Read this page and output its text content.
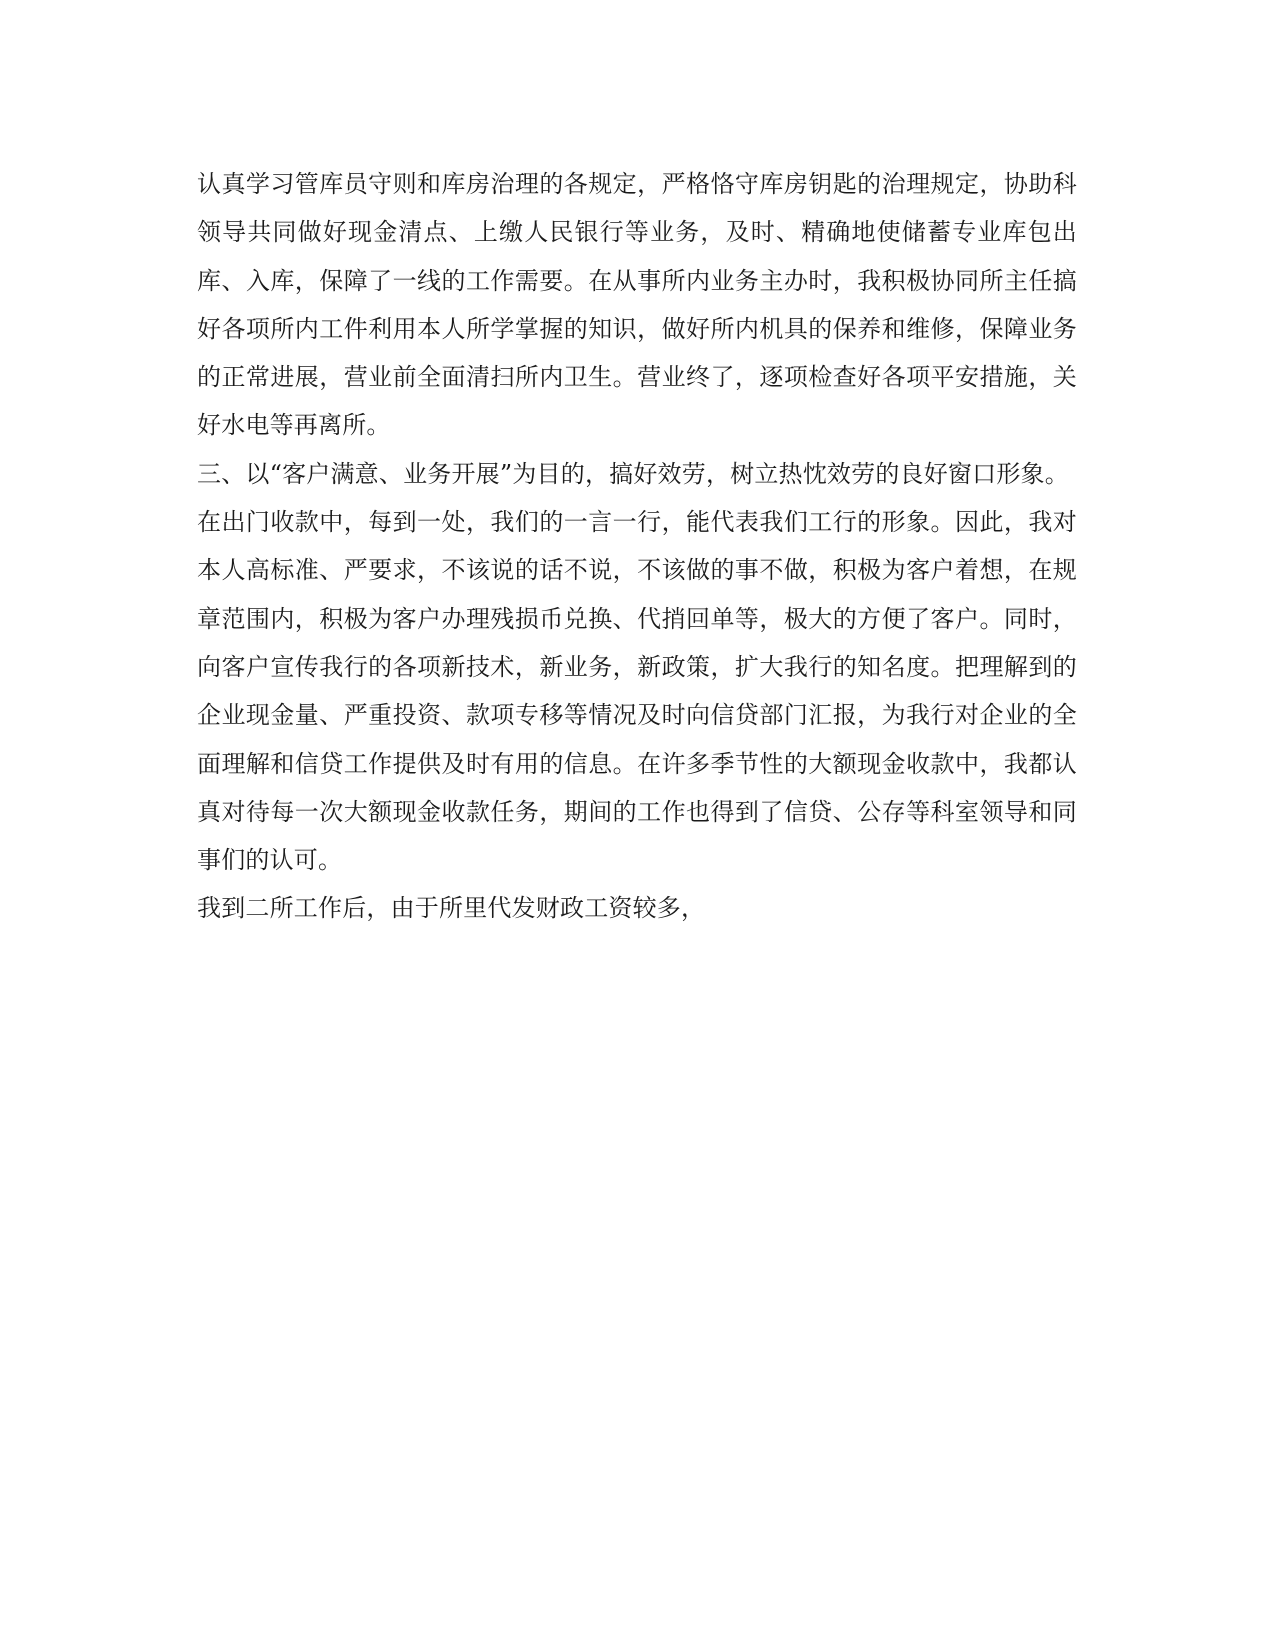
认真学习管库员守则和库房治理的各规定，严格恪守库房钥匙的治理规定，协助科领导共同做好现金清点、上缴人民银行等业务，及时、精确地使储蓄专业库包出库、入库，保障了一线的工作需要。在从事所内业务主办时，我积极协同所主任搞好各项所内工件利用本人所学掌握的知识，做好所内机具的保养和维修，保障业务的正常进展，营业前全面清扫所内卫生。营业终了，逐项检查好各项平安措施，关好水电等再离所。

三、以“客户满意、业务开展”为目的，搞好效劳，树立热忱效劳的良好窗口形象。

在出门收款中，每到一处，我们的一言一行，能代表我们工行的形象。因此，我对本人高标准、严要求，不该说的话不说，不该做的事不做，积极为客户着想，在规章范围内，积极为客户办理残损币兑换、代捎回单等，极大的方便了客户。同时，向客户宣传我行的各项新技术，新业务，新政策，扩大我行的知名度。把理解到的企业现金量、严重投资、款项专移等情况及时向信贷部门汇报，为我行对企业的全面理解和信贷工作提供及时有用的信息。在许多季节性的大额现金收款中，我都认真对待每一次大额现金收款任务，期间的工作也得到了信贷、公存等科室领导和同事们的认可。

我到二所工作后，由于所里代发财政工资较多，
